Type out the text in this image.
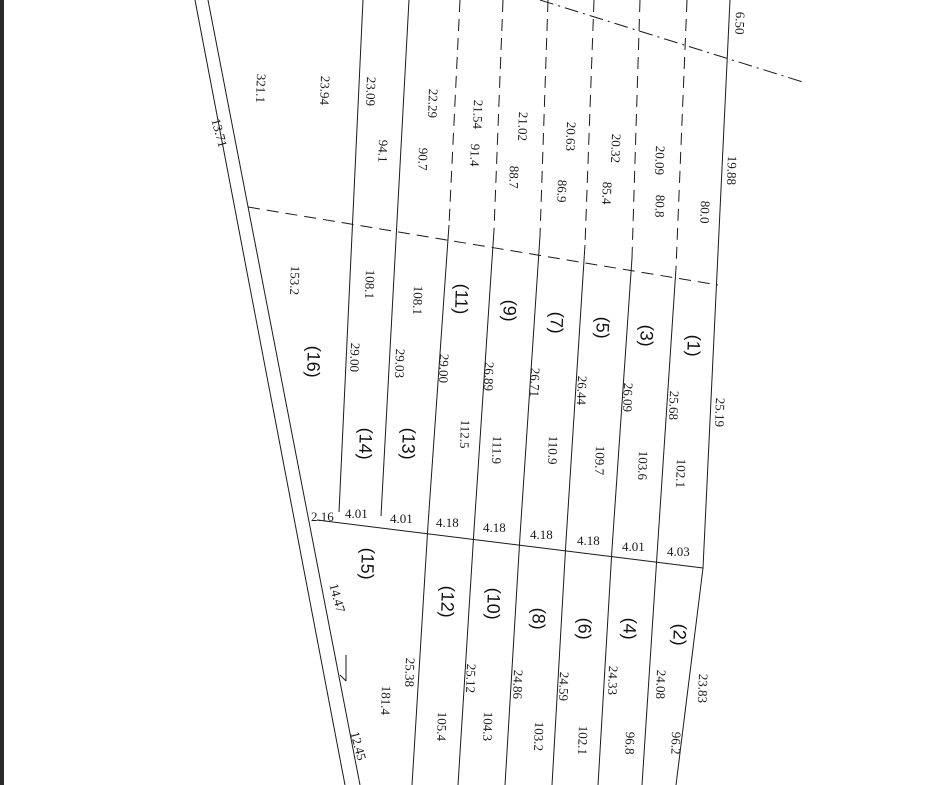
23.94 23.09	22.29 21.54 21.02 20.63 20.32 20.09
321.1
13.71
153.2
2.16
94.1 90.7	91.4
88.7
86.9 85.4
80.8 80.0
108.1
108.1
112.5
111.9	110.9 109.7 103.6 102.1
29.00 29.03 29.00 26.89 26.71 26.44 26.09 25.68
(16)
(14) (13)
(11) (9)
(7) (5) (3) (1)
4.01 4.01 4.18 4.18 4.18 4.18 4.01 4.03
(15)
(12) (10) (8) (6) (4) (2)
14.47
181.4
25.38	25.12 24.86 24.59	24.33 24.08
105.4 104.3	103.2 102.1 96.8 96.2
6.50
19.88
25.19
23.83
12.45
